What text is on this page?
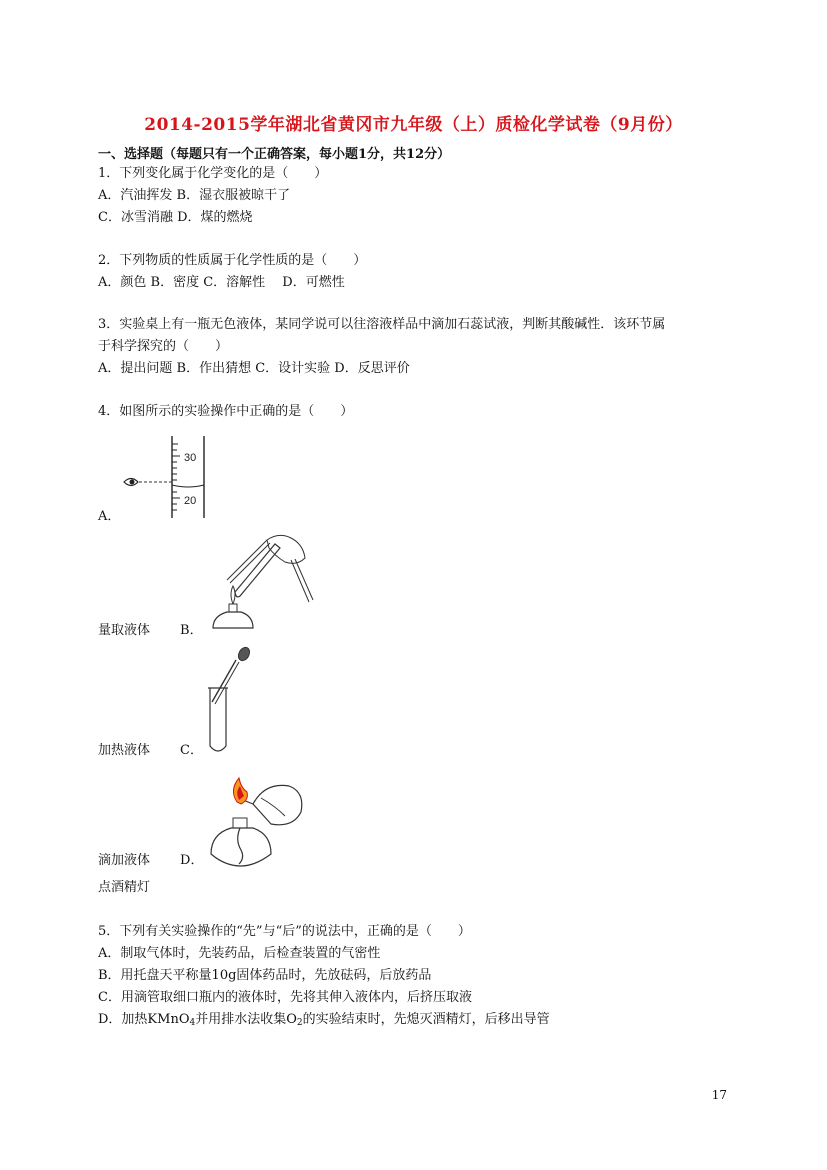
2014-2015学年湖北省黄冈市九年级（上）质检化学试卷（9月份）
一、选择题（每题只有一个正确答案，每小题1分，共12分）
1．下列变化属于化学变化的是（　　）
A．汽油挥发 B．湿衣服被晾干了
C．冰雪消融 D．煤的燃烧
2．下列物质的性质属于化学性质的是（　　）
A．颜色 B．密度 C．溶解性　 D．可燃性
3．实验桌上有一瓶无色液体，某同学说可以往溶液样品中滴加石蕊试液，判断其酸碱性．该环节属
于科学探究的（　　）
A．提出问题 B．作出猜想 C．设计实验 D．反思评价
4．如图所示的实验操作中正确的是（　　）
30
20
A．
量取液体 B．
加热液体 C．
滴加液体 D．
点酒精灯
5．下列有关实验操作的“先”与“后”的说法中，正确的是（　　）
A．制取气体时，先装药品，后检查装置的气密性
B．用托盘天平称量10g固体药品时，先放砝码，后放药品
C．用滴管取细口瓶内的液体时，先将其伸入液体内，后挤压取液
D．加热KMnO$_4$并用排水法收集$O_2$的实验结束时，先熄灭酒精灯，后移出导管
17
